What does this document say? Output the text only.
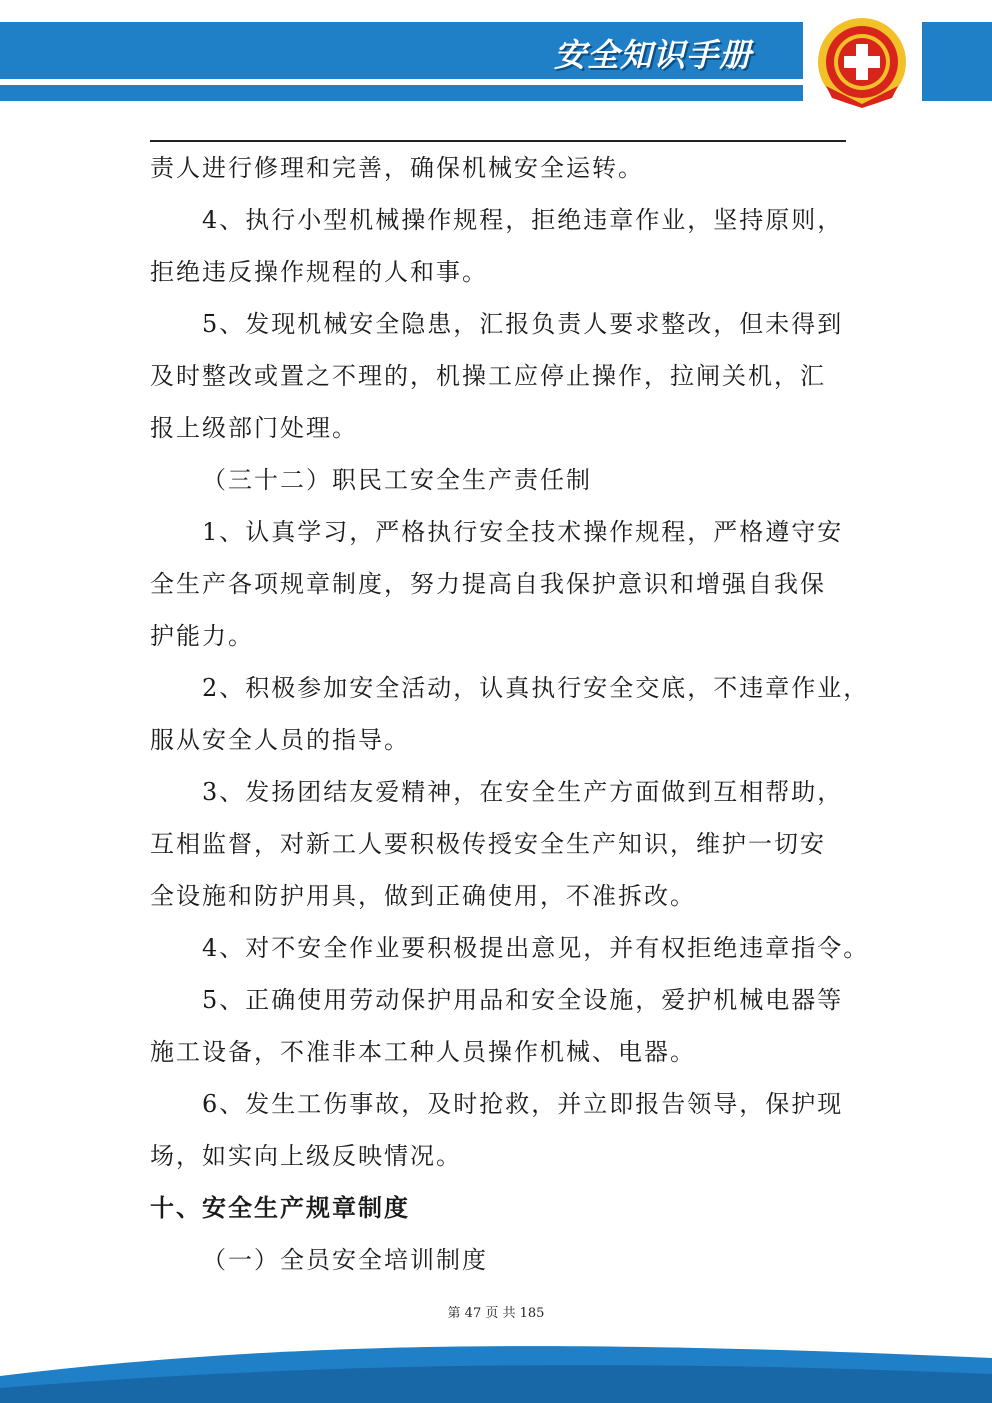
安全知识手册
责人进行修理和完善，确保机械安全运转。
4、执行小型机械操作规程，拒绝违章作业，坚持原则，
拒绝违反操作规程的人和事。
5、发现机械安全隐患，汇报负责人要求整改，但未得到
及时整改或置之不理的，机操工应停止操作，拉闸关机，汇
报上级部门处理。
（三十二）职民工安全生产责任制
1、认真学习，严格执行安全技术操作规程，严格遵守安
全生产各项规章制度，努力提高自我保护意识和增强自我保
护能力。
2、积极参加安全活动，认真执行安全交底，不违章作业，
服从安全人员的指导。
3、发扬团结友爱精神，在安全生产方面做到互相帮助，
互相监督，对新工人要积极传授安全生产知识，维护一切安
全设施和防护用具，做到正确使用，不准拆改。
4、对不安全作业要积极提出意见，并有权拒绝违章指令。
5、正确使用劳动保护用品和安全设施，爱护机械电器等
施工设备，不准非本工种人员操作机械、电器。
6、发生工伤事故，及时抢救，并立即报告领导，保护现
场，如实向上级反映情况。
十、安全生产规章制度
（一）全员安全培训制度
第 47 页 共 185
